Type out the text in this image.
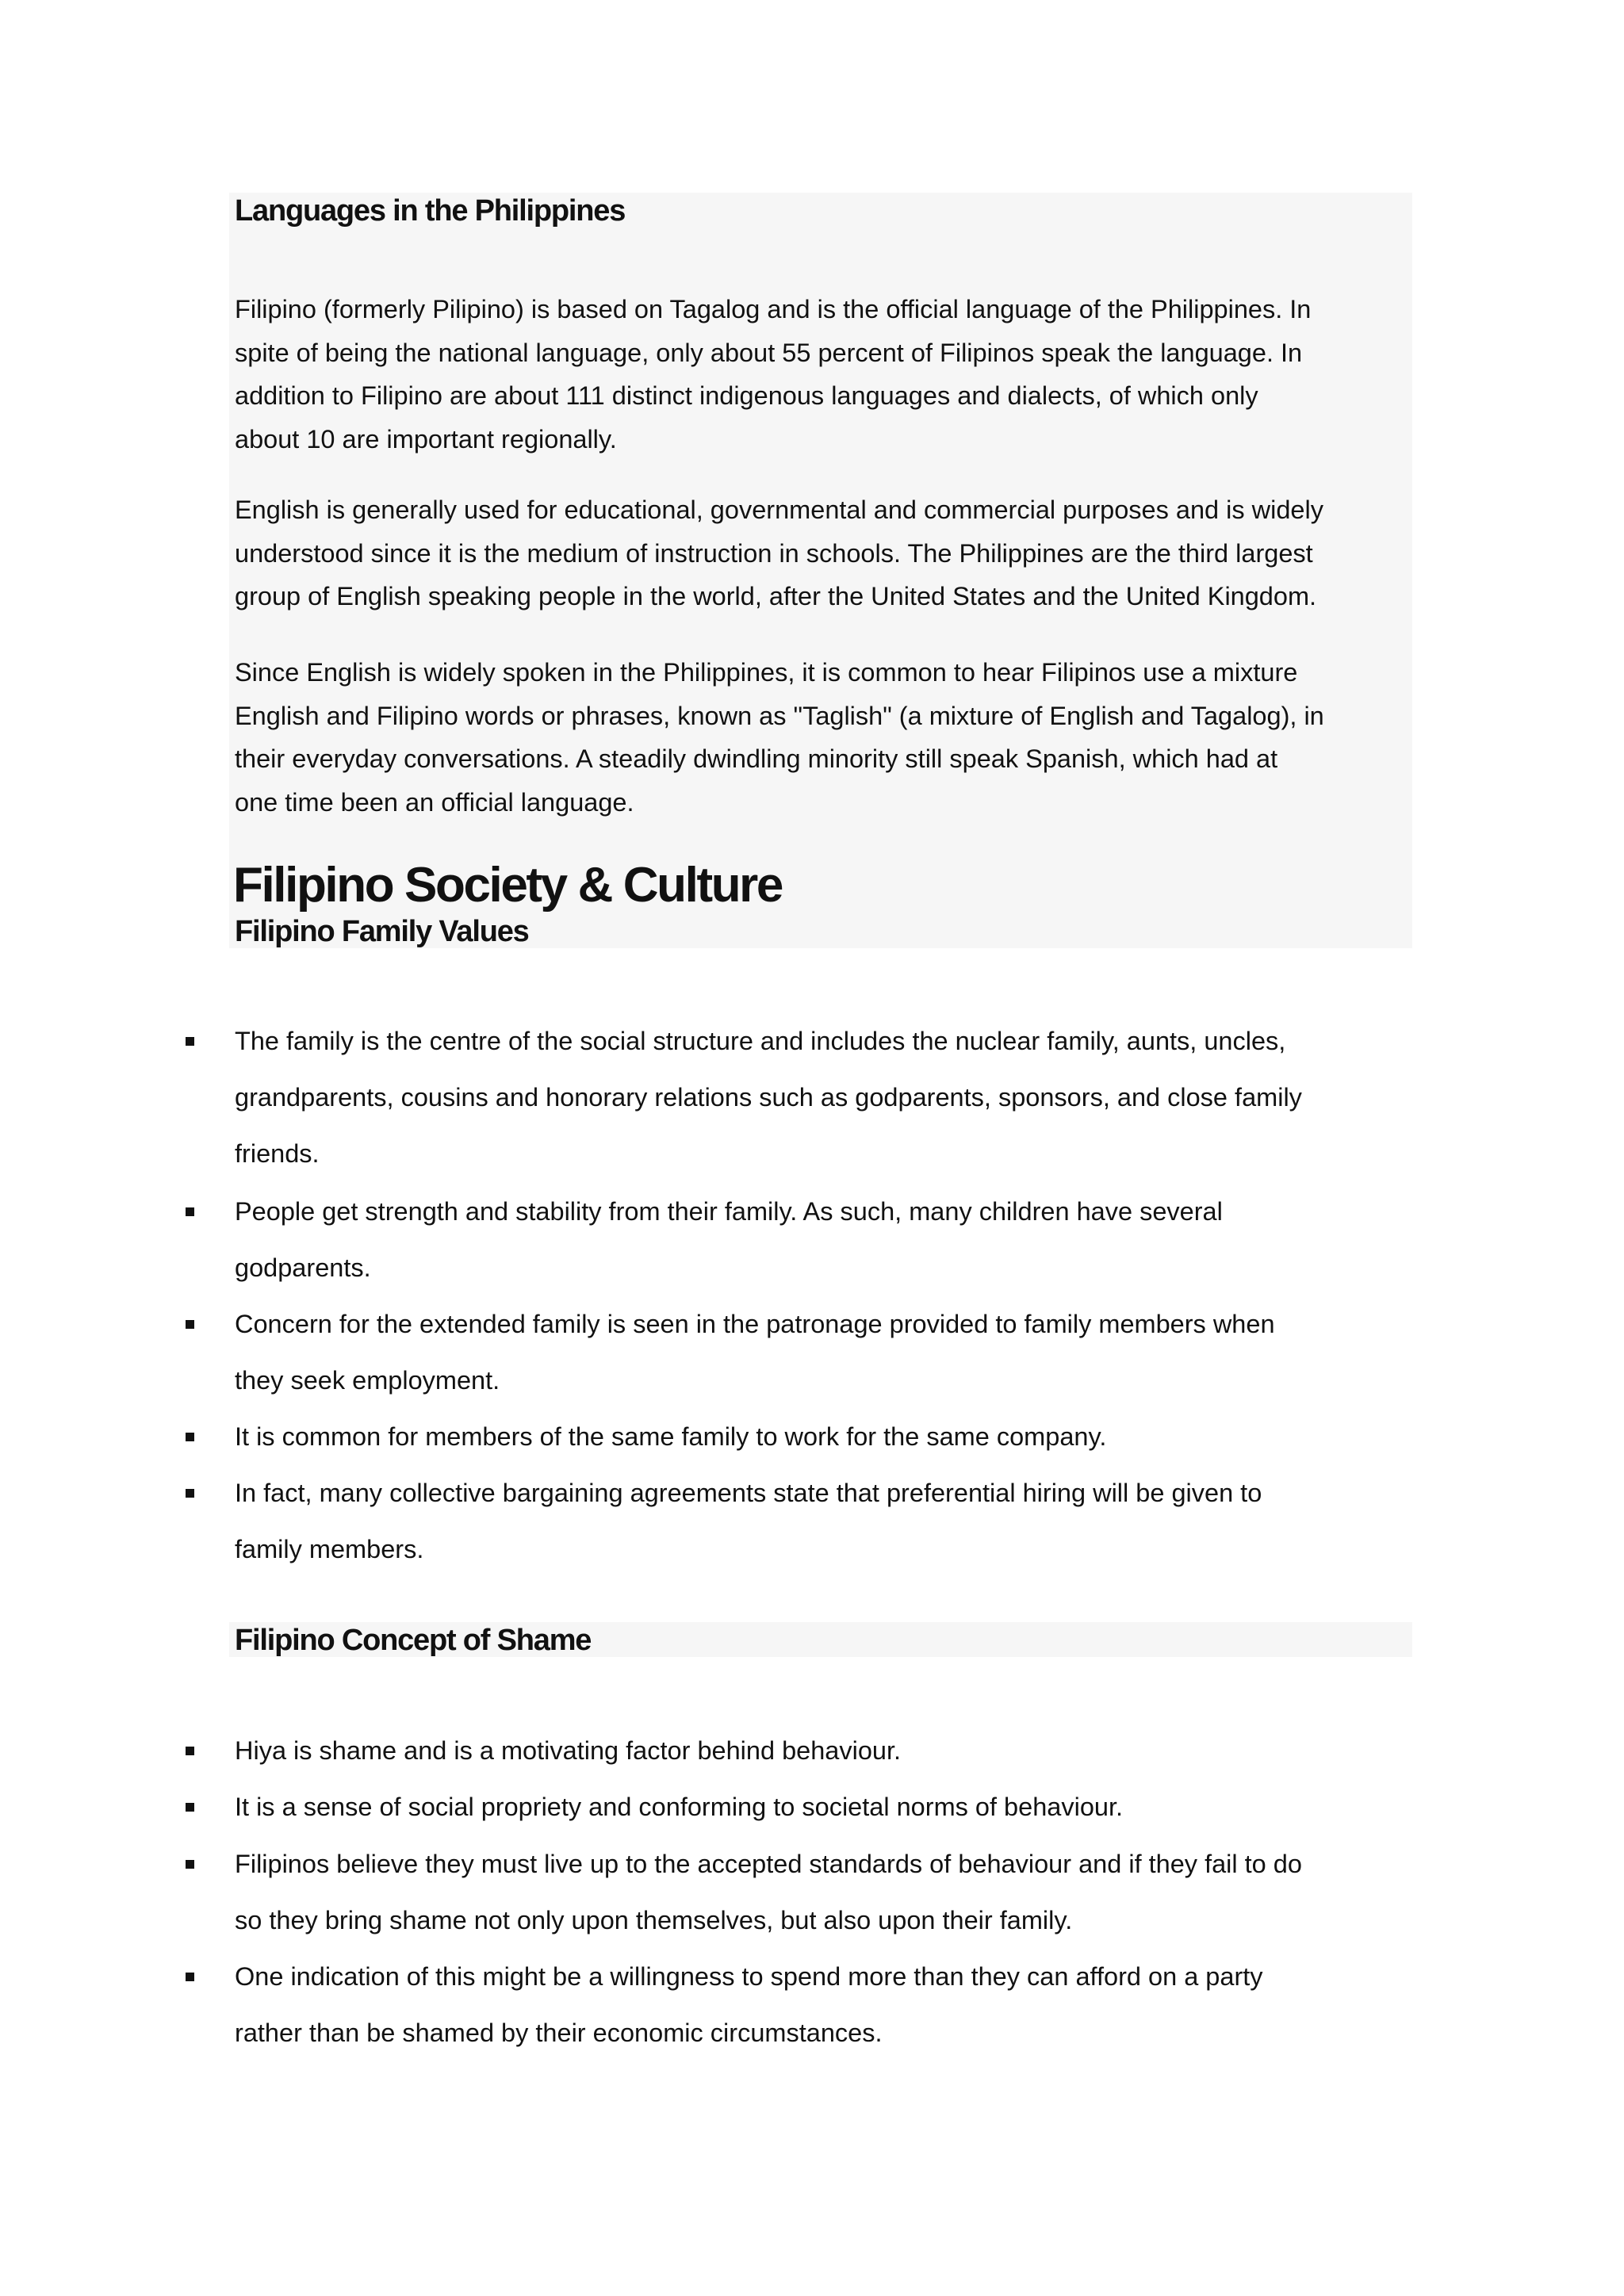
Languages in the Philippines

Filipino (formerly Pilipino) is based on Tagalog and is the official language of the Philippines. In
spite of being the national language, only about 55 percent of Filipinos speak the language. In
addition to Filipino are about 111 distinct indigenous languages and dialects, of which only
about 10 are important regionally.

English is generally used for educational, governmental and commercial purposes and is widely
understood since it is the medium of instruction in schools. The Philippines are the third largest
group of English speaking people in the world, after the United States and the United Kingdom.

Since English is widely spoken in the Philippines, it is common to hear Filipinos use a mixture
English and Filipino words or phrases, known as "Taglish" (a mixture of English and Tagalog), in
their everyday conversations. A steadily dwindling minority still speak Spanish, which had at
one time been an official language.

Filipino Society & Culture
Filipino Family Values
The family is the centre of the social structure and includes the nuclear family, aunts, uncles,
grandparents, cousins and honorary relations such as godparents, sponsors, and close family
friends.
People get strength and stability from their family. As such, many children have several
godparents.
Concern for the extended family is seen in the patronage provided to family members when
they seek employment.
It is common for members of the same family to work for the same company.
In fact, many collective bargaining agreements state that preferential hiring will be given to
family members.
Filipino Concept of Shame
Hiya is shame and is a motivating factor behind behaviour.
It is a sense of social propriety and conforming to societal norms of behaviour.
Filipinos believe they must live up to the accepted standards of behaviour and if they fail to do
so they bring shame not only upon themselves, but also upon their family.
One indication of this might be a willingness to spend more than they can afford on a party
rather than be shamed by their economic circumstances.
